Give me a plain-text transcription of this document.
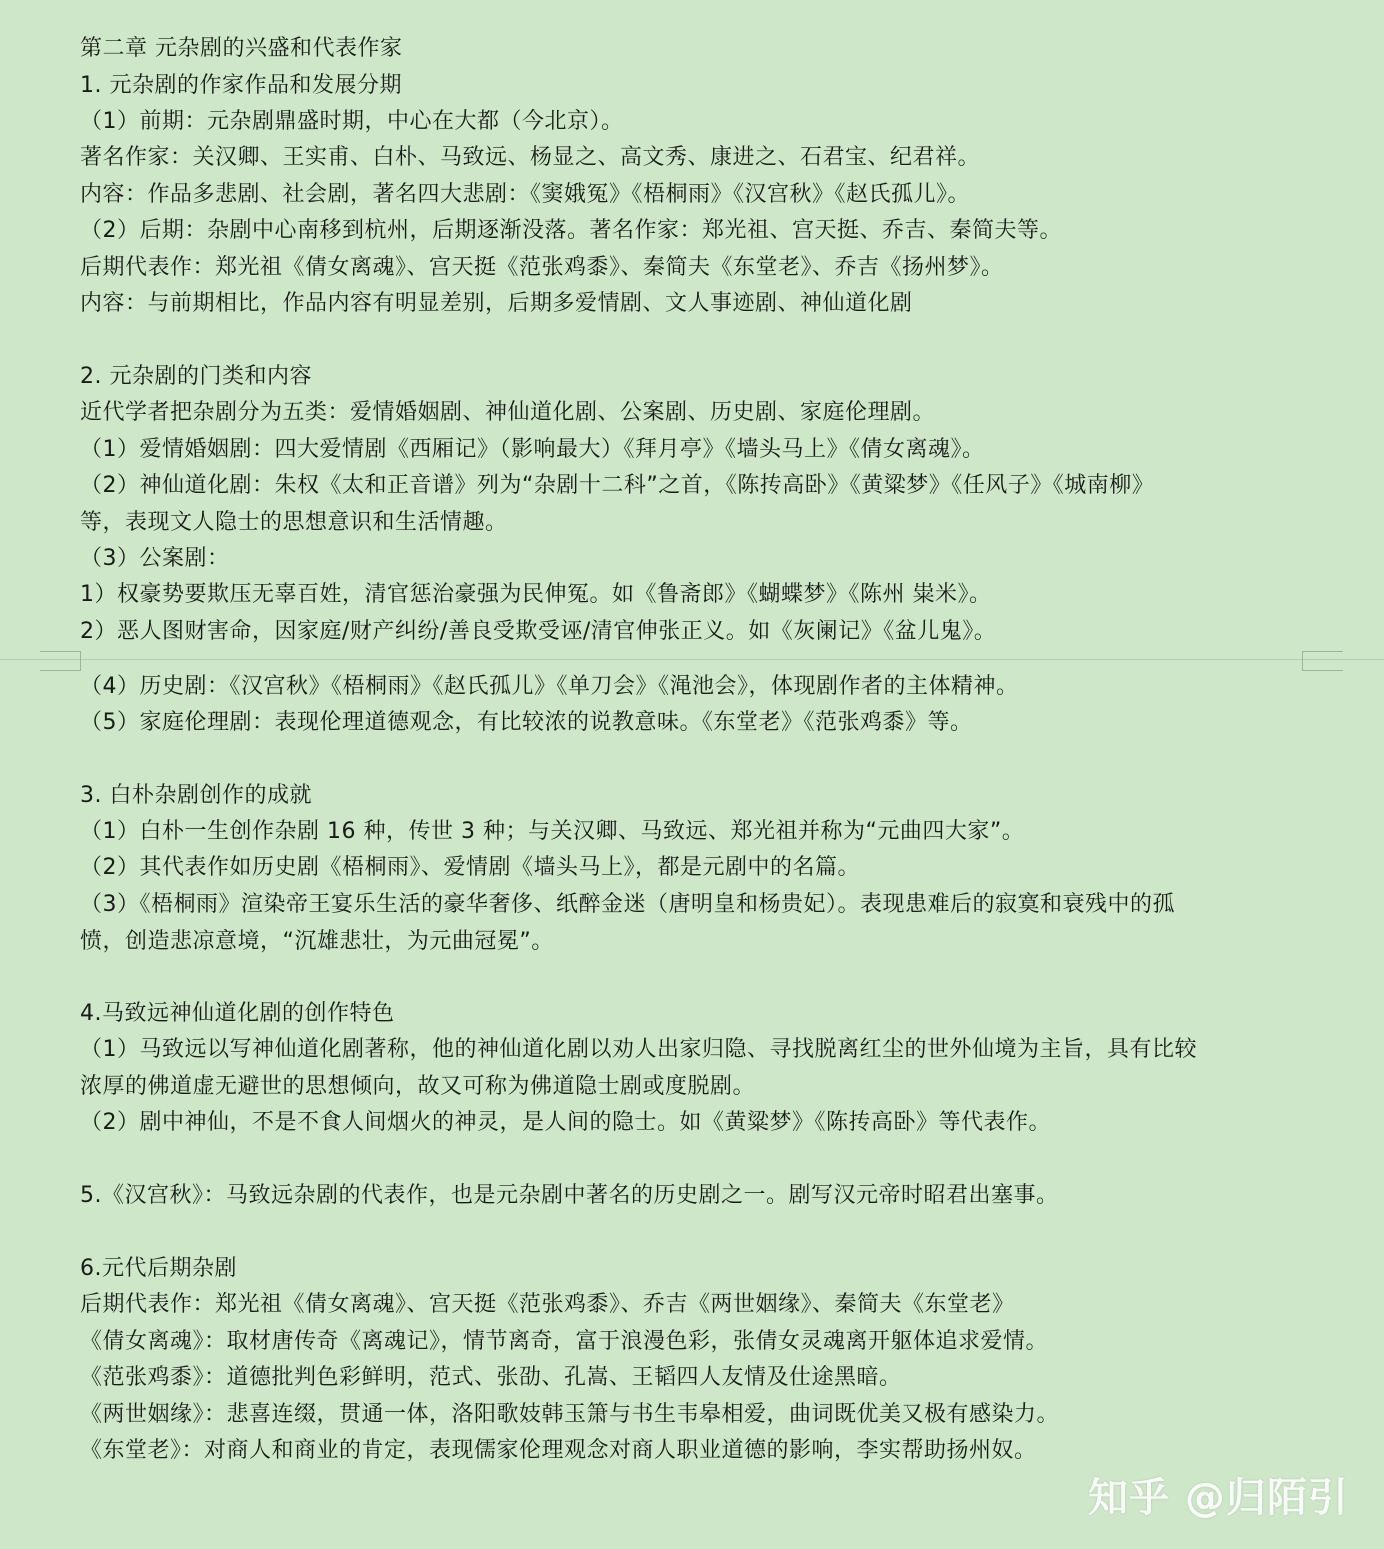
第二章 元杂剧的兴盛和代表作家
1. 元杂剧的作家作品和发展分期
（1）前期：元杂剧鼎盛时期，中心在大都（今北京）。
著名作家：关汉卿、王实甫、白朴、马致远、杨显之、高文秀、康进之、石君宝、纪君祥。
内容：作品多悲剧、社会剧，著名四大悲剧：《窦娥冤》《梧桐雨》《汉宫秋》《赵氏孤儿》。
（2）后期：杂剧中心南移到杭州，后期逐渐没落。著名作家：郑光祖、宫天挺、乔吉、秦简夫等。
后期代表作：郑光祖《倩女离魂》、宫天挺《范张鸡黍》、秦简夫《东堂老》、乔吉《扬州梦》。
内容：与前期相比，作品内容有明显差别，后期多爱情剧、文人事迹剧、神仙道化剧
2. 元杂剧的门类和内容
近代学者把杂剧分为五类：爱情婚姻剧、神仙道化剧、公案剧、历史剧、家庭伦理剧。
（1）爱情婚姻剧：四大爱情剧《西厢记》（影响最大）《拜月亭》《墙头马上》《倩女离魂》。
（2）神仙道化剧：朱权《太和正音谱》列为“杂剧十二科”之首，《陈抟高卧》《黄粱梦》《任风子》《城南柳》
等，表现文人隐士的思想意识和生活情趣。
（3）公案剧：
1）权豪势要欺压无辜百姓，清官惩治豪强为民伸冤。如《鲁斋郎》《蝴蝶梦》《陈州 粜米》。
2）恶人图财害命，因家庭/财产纠纷/善良受欺受诬/清官伸张正义。如《灰阑记》《盆儿鬼》。
（4）历史剧：《汉宫秋》《梧桐雨》《赵氏孤儿》《单刀会》《渑池会》，体现剧作者的主体精神。
（5）家庭伦理剧：表现伦理道德观念，有比较浓的说教意味。《东堂老》《范张鸡黍》等。
3. 白朴杂剧创作的成就
（1）白朴一生创作杂剧 16 种，传世 3 种；与关汉卿、马致远、郑光祖并称为“元曲四大家”。
（2）其代表作如历史剧《梧桐雨》、爱情剧《墙头马上》，都是元剧中的名篇。
（3）《梧桐雨》渲染帝王宴乐生活的豪华奢侈、纸醉金迷（唐明皇和杨贵妃）。表现患难后的寂寞和衰残中的孤
愤，创造悲凉意境，“沉雄悲壮，为元曲冠冕”。
4.马致远神仙道化剧的创作特色
（1）马致远以写神仙道化剧著称，他的神仙道化剧以劝人出家归隐、寻找脱离红尘的世外仙境为主旨，具有比较
浓厚的佛道虚无避世的思想倾向，故又可称为佛道隐士剧或度脱剧。
（2）剧中神仙，不是不食人间烟火的神灵，是人间的隐士。如《黄粱梦》《陈抟高卧》等代表作。
5.《汉宫秋》：马致远杂剧的代表作，也是元杂剧中著名的历史剧之一。剧写汉元帝时昭君出塞事。
6.元代后期杂剧
后期代表作：郑光祖《倩女离魂》、宫天挺《范张鸡黍》、乔吉《两世姻缘》、秦简夫《东堂老》
《倩女离魂》：取材唐传奇《离魂记》，情节离奇，富于浪漫色彩，张倩女灵魂离开躯体追求爱情。
《范张鸡黍》：道德批判色彩鲜明，范式、张劭、孔嵩、王韬四人友情及仕途黑暗。
《两世姻缘》：悲喜连缀，贯通一体，洛阳歌妓韩玉箫与书生韦皋相爱，曲词既优美又极有感染力。
《东堂老》：对商人和商业的肯定，表现儒家伦理观念对商人职业道德的影响，李实帮助扬州奴。
知乎 @归陌引
